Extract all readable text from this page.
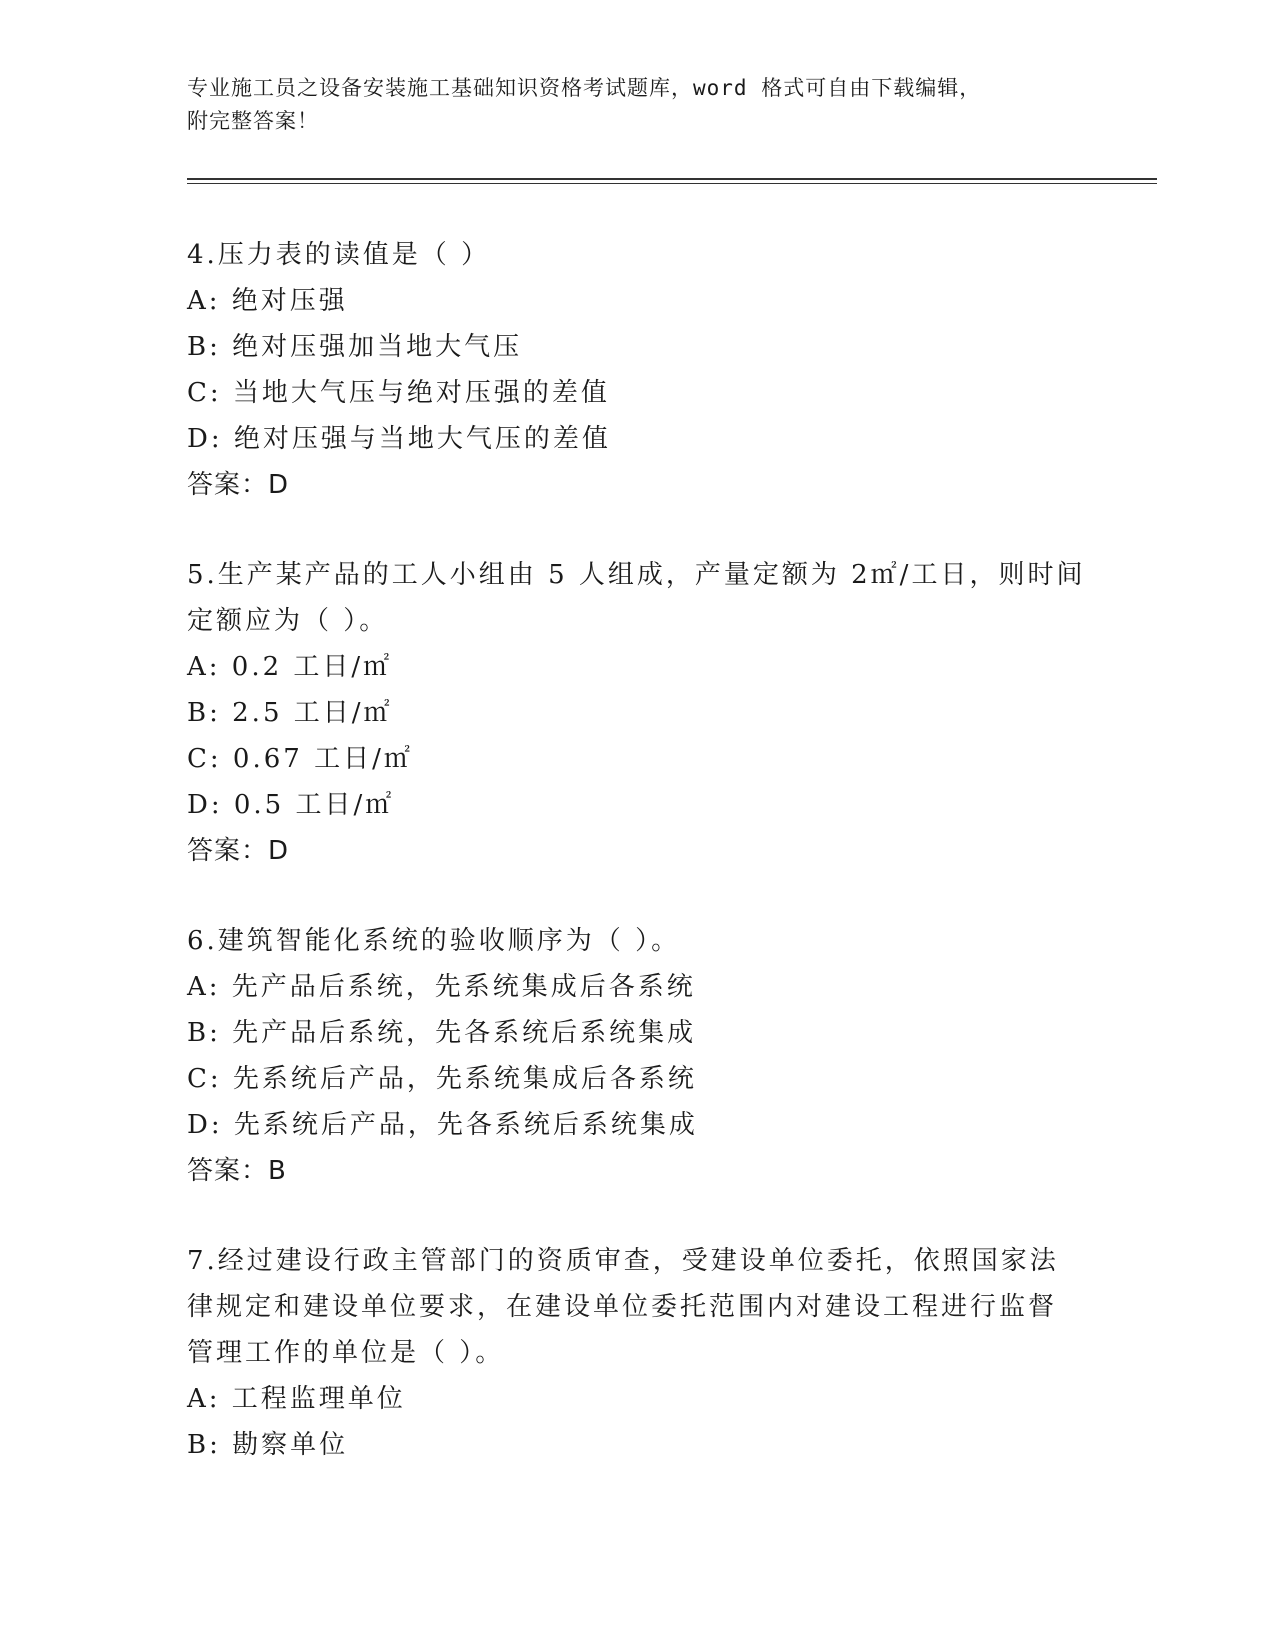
专业施工员之设备安装施工基础知识资格考试题库，word 格式可自由下载编辑，
附完整答案！
4.压力表的读值是（ ）
A: 绝对压强
B: 绝对压强加当地大气压
C: 当地大气压与绝对压强的差值
D: 绝对压强与当地大气压的差值
答案：D
5.生产某产品的工人小组由 5 人组成，产量定额为 2㎡/工日，则时间
定额应为（ ）。
A: 0.2 工日/㎡
B: 2.5 工日/㎡
C: 0.67 工日/㎡
D: 0.5 工日/㎡
答案：D
6.建筑智能化系统的验收顺序为（ ）。
A: 先产品后系统，先系统集成后各系统
B: 先产品后系统，先各系统后系统集成
C: 先系统后产品，先系统集成后各系统
D: 先系统后产品，先各系统后系统集成
答案：B
7.经过建设行政主管部门的资质审查，受建设单位委托，依照国家法
律规定和建设单位要求，在建设单位委托范围内对建设工程进行监督
管理工作的单位是（ ）。
A: 工程监理单位
B: 勘察单位
